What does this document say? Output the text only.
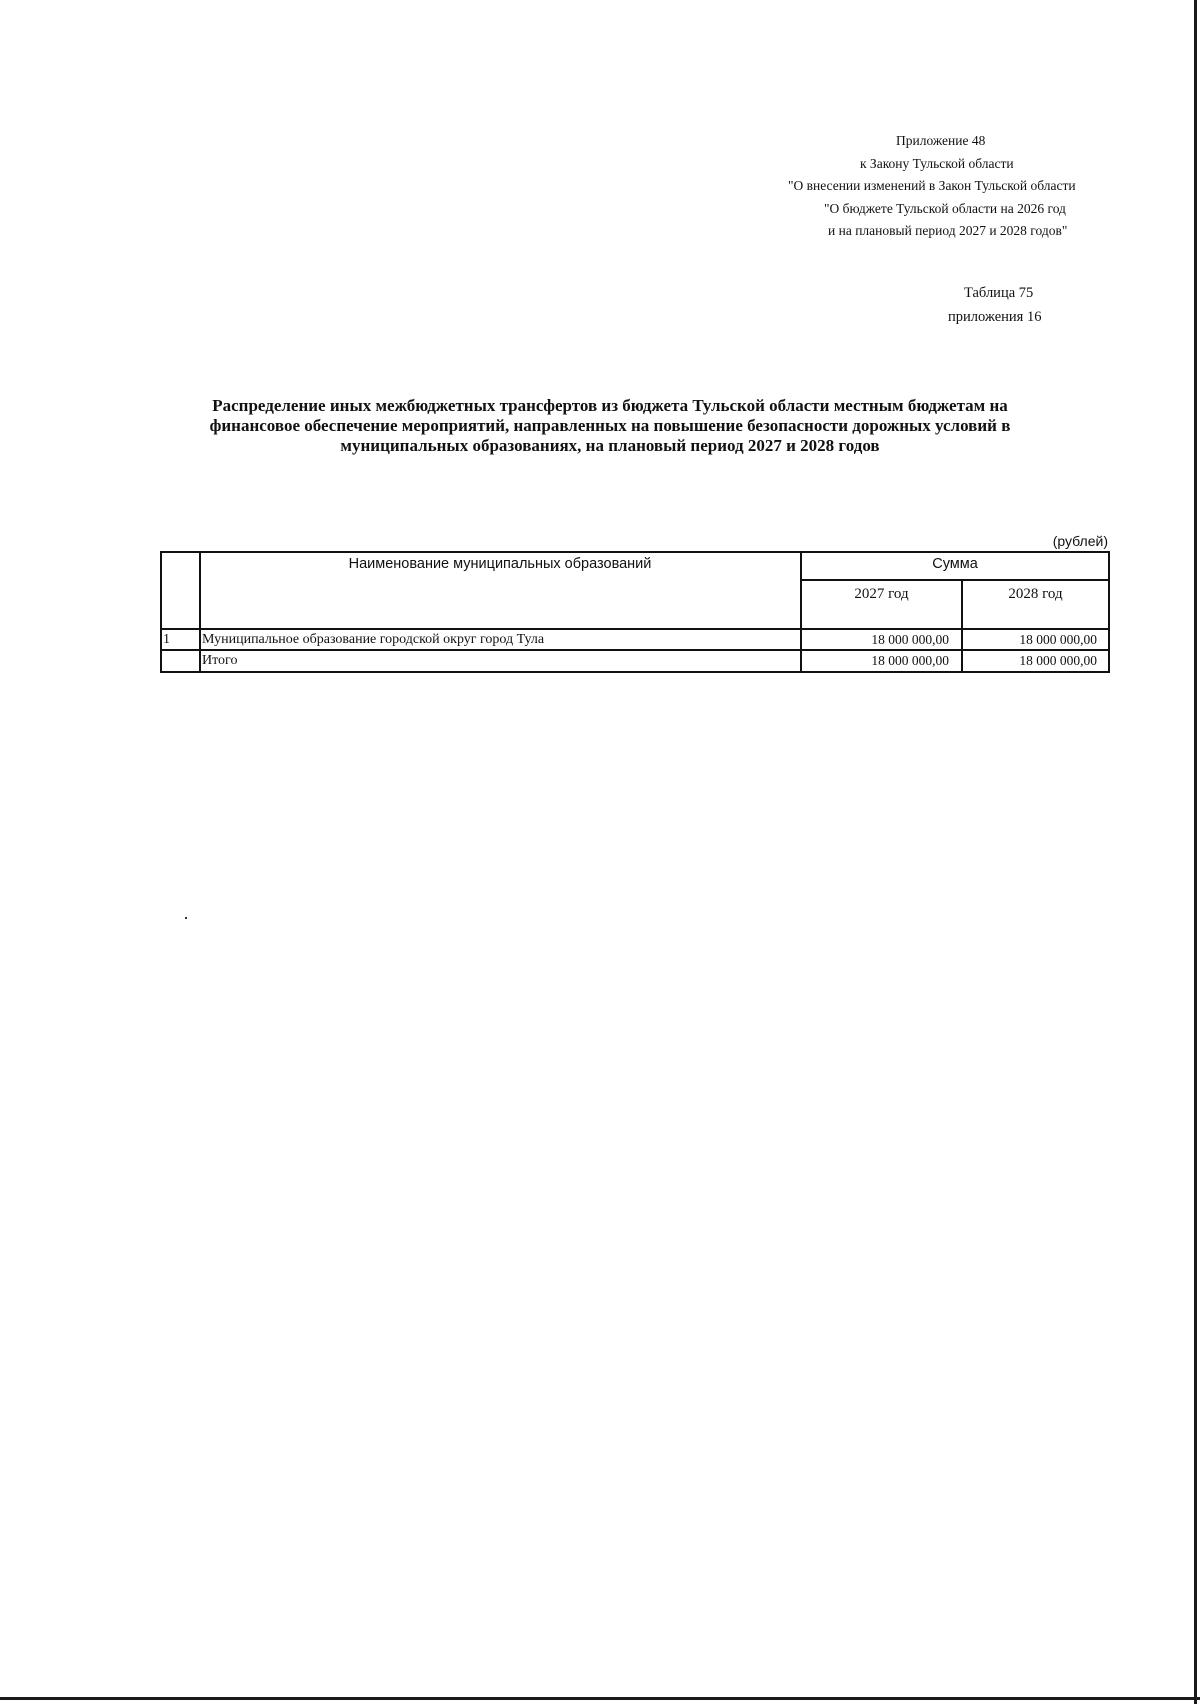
Приложение 48
к Закону Тульской области
"О внесении изменений в Закон Тульской области
"О бюджете Тульской области на 2026 год
и на плановый период 2027 и 2028 годов"
Таблица 75
приложения 16
Распределение иных межбюджетных трансфертов из бюджета Тульской области местным бюджетам на
финансовое обеспечение мероприятий, направленных на повышение безопасности дорожных условий в
муниципальных образованиях, на плановый период 2027 и 2028 годов
(рублей)
Наименование муниципальных образований	Сумма
2027 год	2028 год
1 Муниципальное образование городской округ город Тула	18 000 000,00	18 000 000,00
Итого	18 000 000,00	18 000 000,00
